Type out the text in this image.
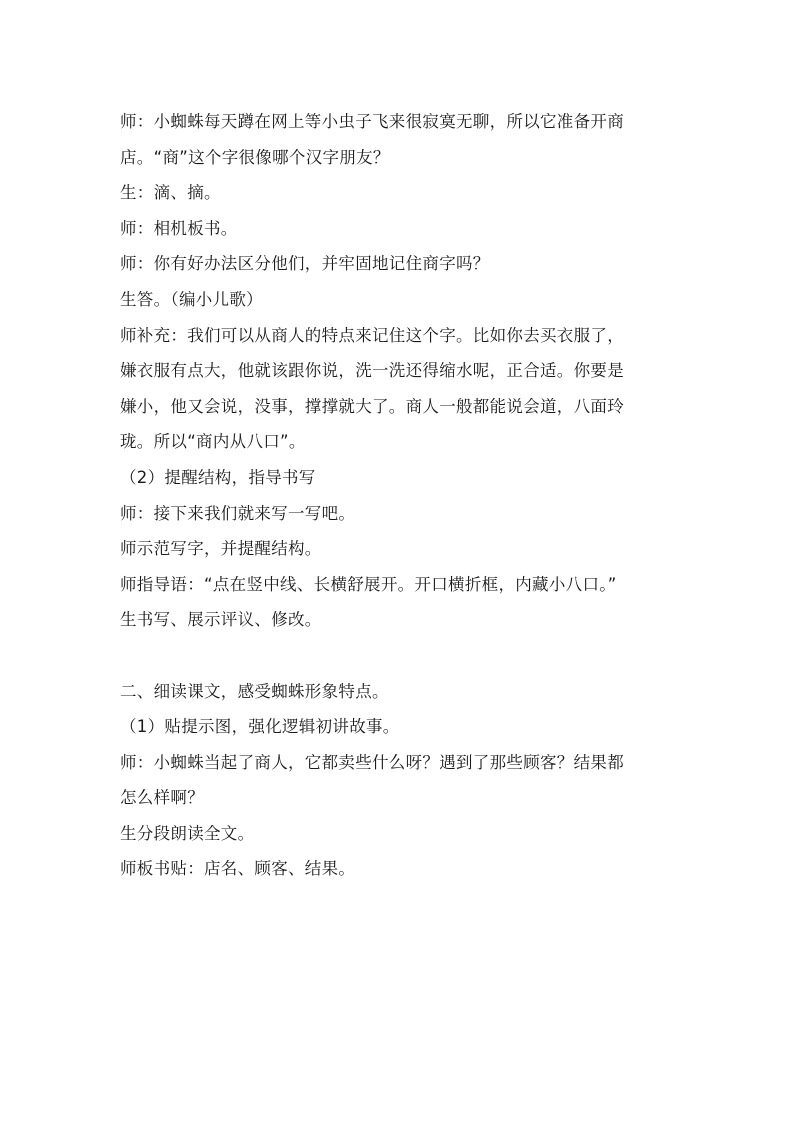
师：小蜘蛛每天蹲在网上等小虫子飞来很寂寞无聊，所以它准备开商
店。“商”这个字很像哪个汉字朋友？
生：滴、摘。
师：相机板书。
师：你有好办法区分他们，并牢固地记住商字吗？
生答。（编小儿歌）
师补充：我们可以从商人的特点来记住这个字。比如你去买衣服了，
嫌衣服有点大，他就该跟你说，洗一洗还得缩水呢，正合适。你要是
嫌小，他又会说，没事，撑撑就大了。商人一般都能说会道，八面玲
珑。所以“商内从八口”。
（2）提醒结构，指导书写
师：接下来我们就来写一写吧。
师示范写字，并提醒结构。
师指导语：“点在竖中线、长横舒展开。开口横折框，内藏小八口。”
生书写、展示评议、修改。
二、细读课文，感受蜘蛛形象特点。
（1）贴提示图，强化逻辑初讲故事。
师：小蜘蛛当起了商人，它都卖些什么呀？遇到了那些顾客？结果都
怎么样啊？
生分段朗读全文。
师板书贴：店名、顾客、结果。
